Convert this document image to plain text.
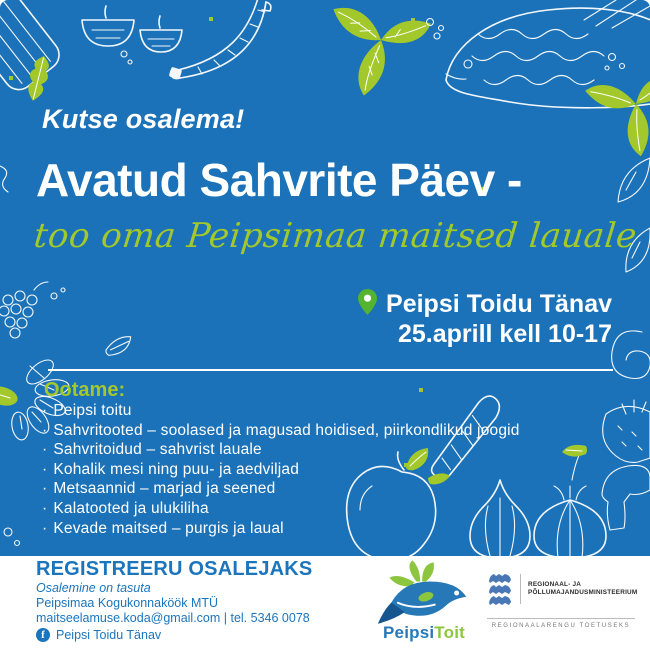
Kutse osalema!
Avatud Sahvrite Päev -
too oma Peipsimaa maitsed lauale
Peipsi Toidu Tänav
25.aprill kell 10-17
Ootame:
· Peipsi toitu
· Sahvritooted – soolased ja magusad hoidised, piirkondlikud joogid
· Sahvritoidud – sahvrist lauale
· Kohalik mesi ning puu- ja aedviljad
· Metsaannid – marjad ja seened
· Kalatooted ja ulukiliha
· Kevade maitsed – purgis ja laual
REGISTREERU OSALEJAKS
Osalemine on tasuta
Peipsimaa Kogukonnaköök MTÜ
maitseelamuse.koda@gmail.com | tel. 5346 0078
f Peipsi Toidu Tänav	PeipsiToit
REGIONAAL- JA
PÕLLUMAJANDUSMINISTEERIUM
REGIONAALARENGU TOETUSEKS
